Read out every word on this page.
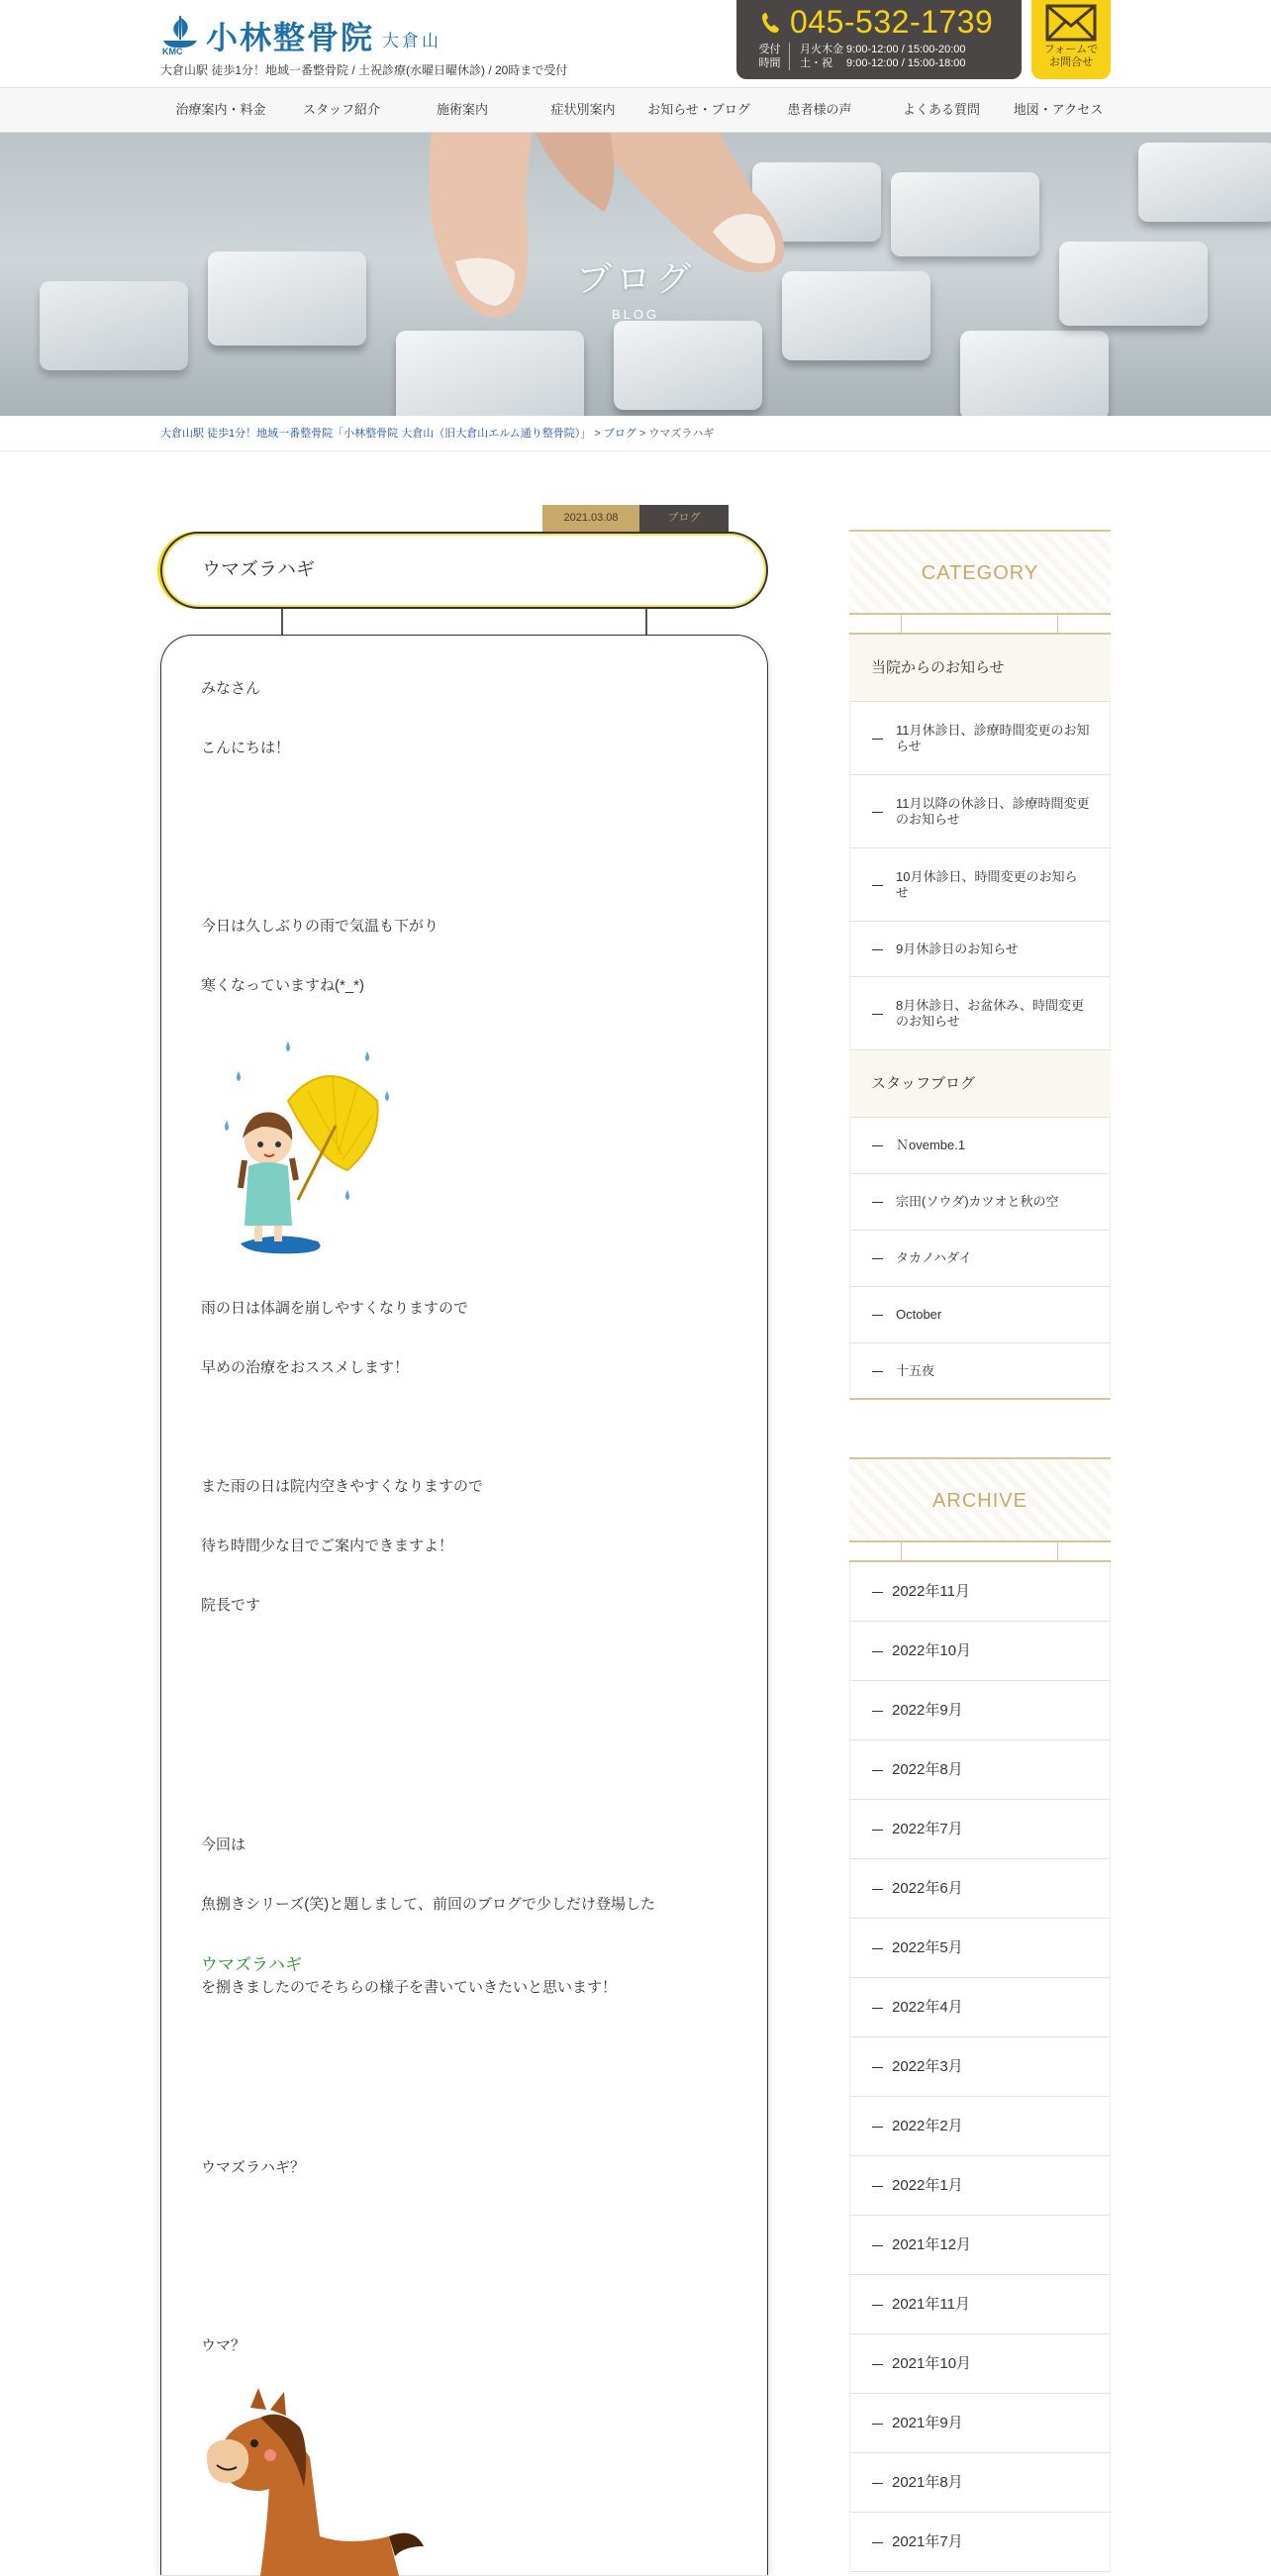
KMC 小林整骨院 大倉山
大倉山駅 徒歩1分！地域一番整骨院 / 土祝診療(水曜日曜休診) / 20時まで受付
045-532-1739
受付
時間
月火木金 9:00-12:00 / 15:00-20:00
土・祝　 9:00-12:00 / 15:00-18:00
フォームで
お問合せ
治療案内・料金	スタッフ紹介	施術案内	症状別案内	お知らせ・ブログ	患者様の声	よくある質問	地図・アクセス
ブログ
BLOG
大倉山駅 徒歩1分！地域一番整骨院「小林整骨院 大倉山（旧大倉山エルム通り整骨院）」 > ブログ > ウマズラハギ
2021.03.08	ブログ
ウマズラハギ
みなさん
こんにちは！
今日は久しぶりの雨で気温も下がり
寒くなっていますね(*_*)
雨の日は体調を崩しやすくなりますので
早めの治療をおススメします！
また雨の日は院内空きやすくなりますので
待ち時間少な目でご案内できますよ！
院長です
今回は
魚捌きシリーズ(笑)と題しまして、前回のブログで少しだけ登場した
ウマズラハギ
を捌きましたのでそちらの様子を書いていきたいと思います！
ウマズラハギ？
ウマ？
CATEGORY
当院からのお知らせ
11月休診日、診療時間変更のお知らせ
11月以降の休診日、診療時間変更のお知らせ
10月休診日、時間変更のお知らせ
9月休診日のお知らせ
8月休診日、お盆休み、時間変更のお知らせ
スタッフブログ
Ｎovembe.1
宗田(ソウダ)カツオと秋の空
タカノハダイ
October
十五夜
ARCHIVE
2022年11月
2022年10月
2022年9月
2022年8月
2022年7月
2022年6月
2022年5月
2022年4月
2022年3月
2022年2月
2022年1月
2021年12月
2021年11月
2021年10月
2021年9月
2021年8月
2021年7月
